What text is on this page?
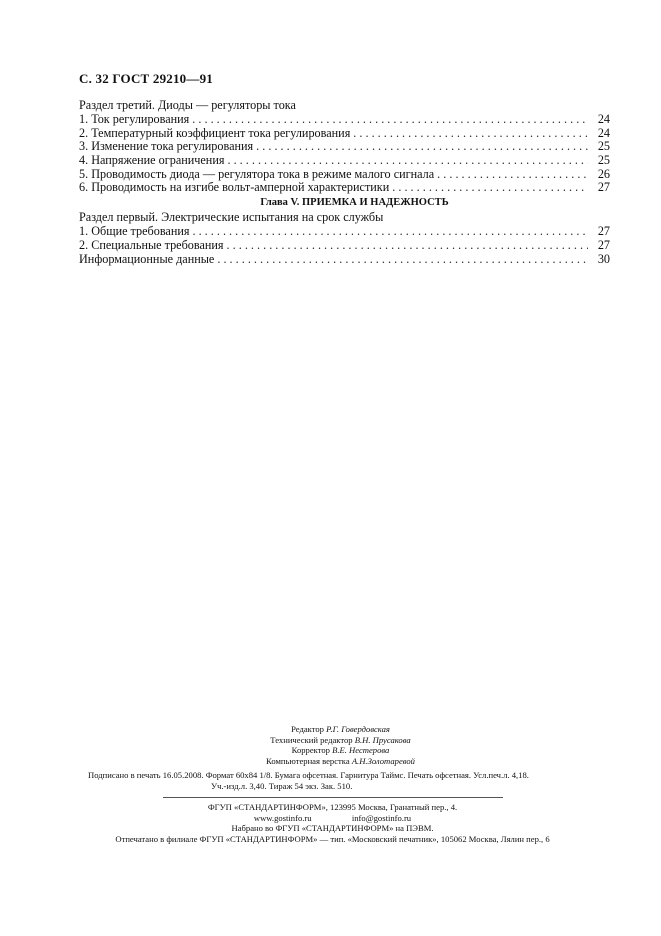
С. 32 ГОСТ 29210—91
Раздел третий. Диоды — регуляторы тока
1. Ток регулирования . . .	24
2. Температурный коэффициент тока регулирования . . .	24
3. Изменение тока регулирования . . .	25
4. Напряжение ограничения . . .	25
5. Проводимость диода — регулятора тока в режиме малого сигнала . . .	26
6. Проводимость на изгибе вольт-амперной характеристики . . .	27
Глава V. ПРИЕМКА И НАДЕЖНОСТЬ
Раздел первый. Электрические испытания на срок службы
1. Общие требования . . .	27
2. Специальные требования . . .	27
Информационные данные . . .	30
Редактор Р.Г. Говердовская
Технический редактор В.Н. Прусакова
Корректор В.Е. Нестерова
Компьютерная верстка А.Н.Золотаревой
Подписано в печать 16.05.2008. Формат 60х84 1/8. Бумага офсетная. Гарнитура Таймс. Печать офсетная. Усл.печ.л. 4,18.
Уч.-изд.л. 3,40. Тираж 54 экз. Зак. 510.
ФГУП «СТАНДАРТИНФОРМ», 123995 Москва, Гранатный пер., 4.
www.gostinfo.ru	info@gostinfo.ru
Набрано во ФГУП «СТАНДАРТИНФОРМ» на ПЭВМ.
Отпечатано в филиале ФГУП «СТАНДАРТИНФОРМ» — тип. «Московский печатник», 105062 Москва, Лялин пер., 6
